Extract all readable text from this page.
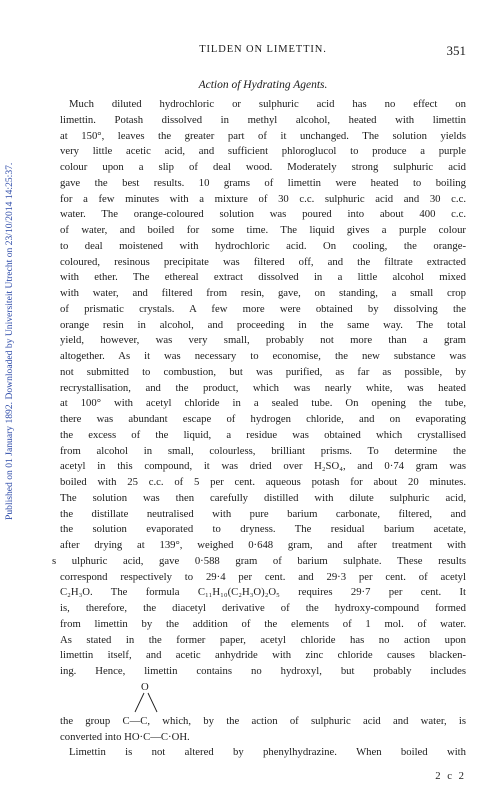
Published on 01 January 1892. Downloaded by Universiteit Utrecht on 23/10/2014 14:25:37.
TILDEN ON LIMETTIN.	351
Action of Hydrating Agents.
Much diluted hydrochloric or sulphuric acid has no effect on
limettin. Potash dissolved in methyl alcohol, heated with limettin
at 150°, leaves the greater part of it unchanged. The solution yields
very little acetic acid, and sufficient phloroglucol to produce a purple
colour upon a slip of deal wood. Moderately strong sulphuric acid
gave the best results. 10 grams of limettin were heated to boiling
for a few minutes with a mixture of 30 c.c. sulphuric acid and 30 c.c.
water. The orange-coloured solution was poured into about 400 c.c.
of water, and boiled for some time. The liquid gives a purple colour
to deal moistened with hydrochloric acid. On cooling, the orange-
coloured, resinous precipitate was filtered off, and the filtrate extracted
with ether. The ethereal extract dissolved in a little alcohol mixed
with water, and filtered from resin, gave, on standing, a small crop
of prismatic crystals. A few more were obtained by dissolving the
orange resin in alcohol, and proceeding in the same way. The total
yield, however, was very small, probably not more than a gram
altogether. As it was necessary to economise, the new substance was
not submitted to combustion, but was purified, as far as possible, by
recrystallisation, and the product, which was nearly white, was heated
at 100° with acetyl chloride in a sealed tube. On opening the tube,
there was abundant escape of hydrogen chloride, and on evaporating
the excess of the liquid, a residue was obtained which crystallised
from alcohol in small, colourless, brilliant prisms. To determine the
acetyl in this compound, it was dried over H₂SO₄, and 0·74 gram was
boiled with 25 c.c. of 5 per cent. aqueous potash for about 20 minutes.
The solution was then carefully distilled with dilute sulphuric acid,
the distillate neutralised with pure barium carbonate, filtered, and
the solution evaporated to dryness. The residual barium acetate,
after drying at 139°, weighed 0·648 gram, and after treatment with
s ulphuric acid, gave 0·588 gram of barium sulphate. These results
correspond respectively to 29·4 per cent. and 29·3 per cent. of acetyl
C₂H₃O. The formula C₁₁H₁₀(C₂H₃O)₂O₅ requires 29·7 per cent. It
is, therefore, the diacetyl derivative of the hydroxy-compound formed
from limettin by the addition of the elements of 1 mol. of water.
As stated in the former paper, acetyl chloride has no action upon
limettin itself, and acetic anhydride with zinc chloride causes blacken-
ing. Hence, limettin contains no hydroxyl, but probably includes
O
the group C—C, which, by the action of sulphuric acid and water, is
converted into HO·C—C·OH.
Limettin is not altered by phenylhydrazine. When boiled with
2 c 2
